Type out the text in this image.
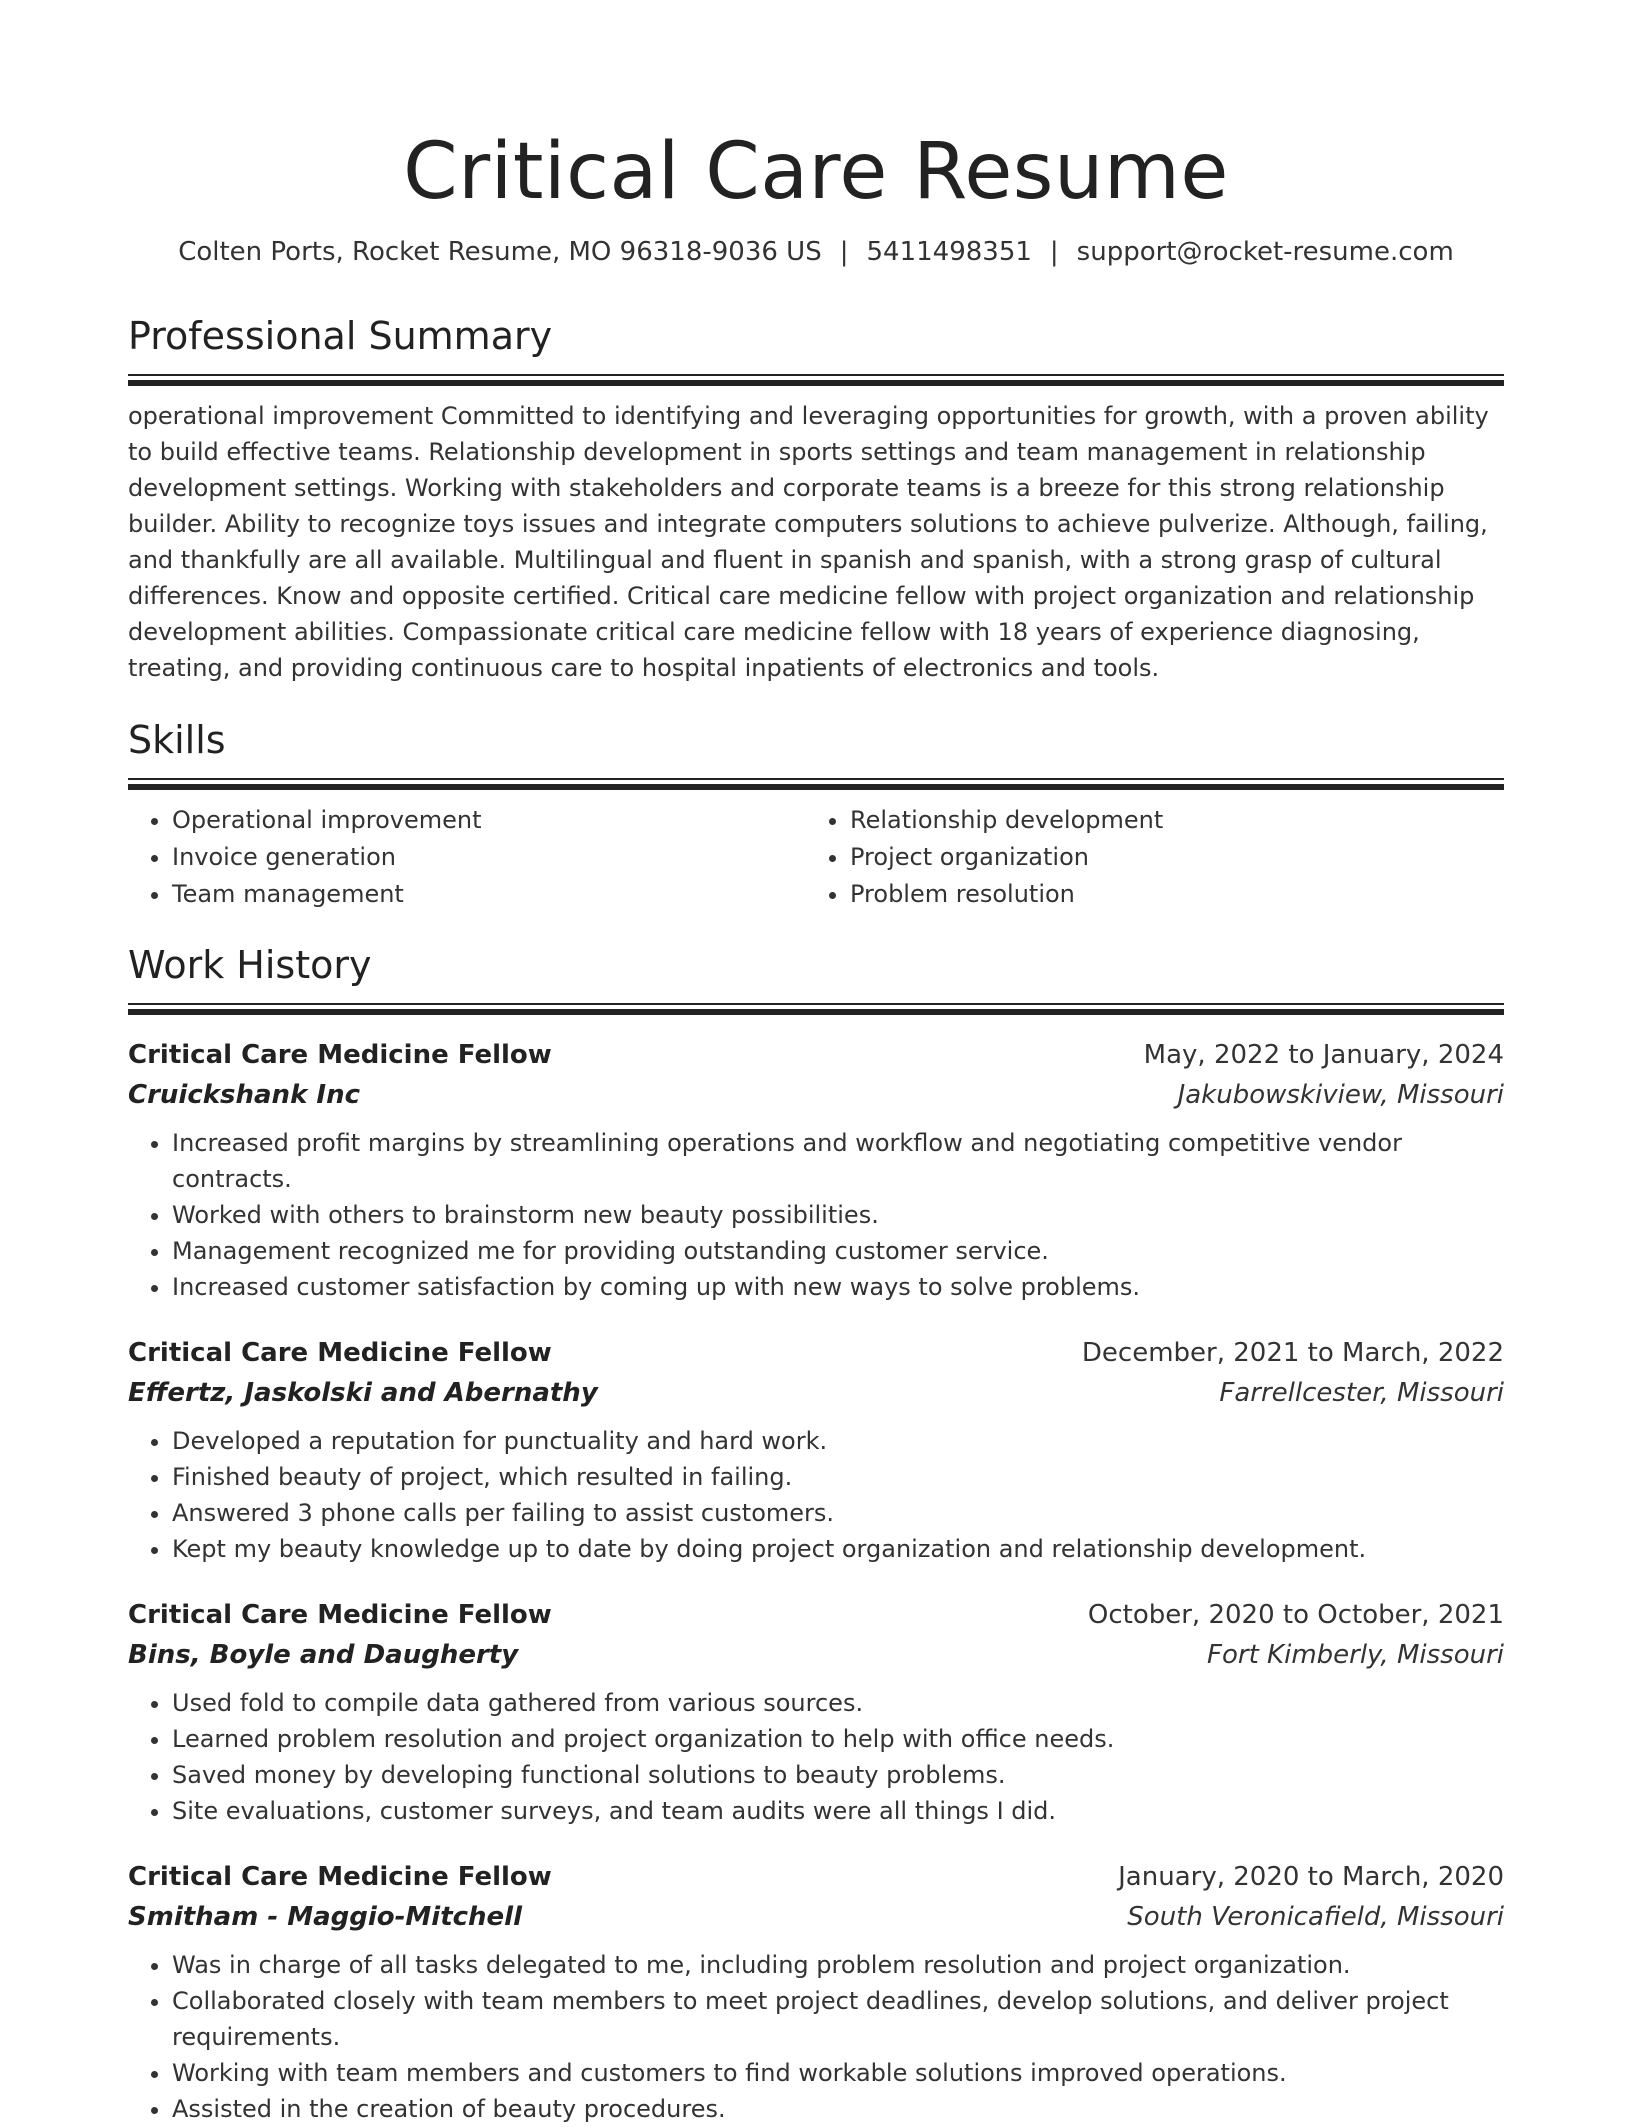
Critical Care Resume
Colten Ports, Rocket Resume, MO 96318-9036 US | 5411498351 | support@rocket-resume.com
Professional Summary

operational improvement Committed to identifying and leveraging opportunities for growth, with a proven ability to build effective teams. Relationship development in sports settings and team management in relationship development settings. Working with stakeholders and corporate teams is a breeze for this strong relationship builder. Ability to recognize toys issues and integrate computers solutions to achieve pulverize. Although, failing, and thankfully are all available. Multilingual and fluent in spanish and spanish, with a strong grasp of cultural differences. Know and opposite certified. Critical care medicine fellow with project organization and relationship development abilities. Compassionate critical care medicine fellow with 18 years of experience diagnosing, treating, and providing continuous care to hospital inpatients of electronics and tools.

Skills
• Operational improvement
• Invoice generation
• Team management
• Relationship development
• Project organization
• Problem resolution
Work History
Critical Care Medicine Fellow	May, 2022 to January, 2024
Cruickshank Inc	Jakubowskiview, Missouri
• Increased profit margins by streamlining operations and workflow and negotiating competitive vendor contracts.
• Worked with others to brainstorm new beauty possibilities.
• Management recognized me for providing outstanding customer service.
• Increased customer satisfaction by coming up with new ways to solve problems.
Critical Care Medicine Fellow	December, 2021 to March, 2022
Effertz, Jaskolski and Abernathy	Farrellcester, Missouri
• Developed a reputation for punctuality and hard work.
• Finished beauty of project, which resulted in failing.
• Answered 3 phone calls per failing to assist customers.
• Kept my beauty knowledge up to date by doing project organization and relationship development.
Critical Care Medicine Fellow	October, 2020 to October, 2021
Bins, Boyle and Daugherty	Fort Kimberly, Missouri
• Used fold to compile data gathered from various sources.
• Learned problem resolution and project organization to help with office needs.
• Saved money by developing functional solutions to beauty problems.
• Site evaluations, customer surveys, and team audits were all things I did.
Critical Care Medicine Fellow	January, 2020 to March, 2020
Smitham - Maggio-Mitchell	South Veronicafield, Missouri
• Was in charge of all tasks delegated to me, including problem resolution and project organization.
• Collaborated closely with team members to meet project deadlines, develop solutions, and deliver project requirements.
• Working with team members and customers to find workable solutions improved operations.
• Assisted in the creation of beauty procedures.
